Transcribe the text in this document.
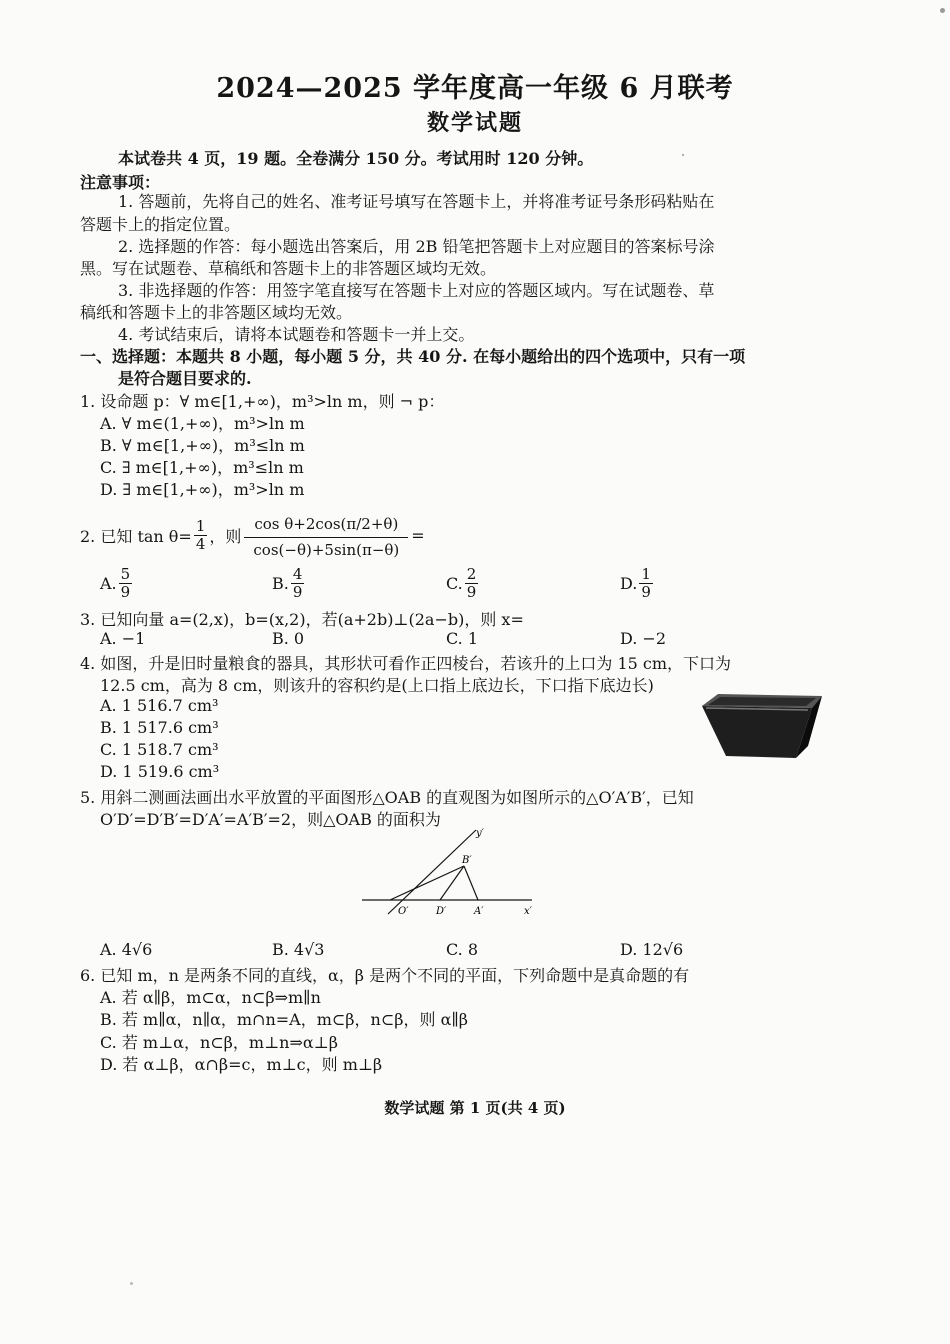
2024—2025 学年度高一年级 6 月联考
数学试题
本试卷共 4 页，19 题。全卷满分 150 分。考试用时 120 分钟。
注意事项：
1. 答题前，先将自己的姓名、准考证号填写在答题卡上，并将准考证号条形码粘贴在
答题卡上的指定位置。
2. 选择题的作答：每小题选出答案后，用 2B 铅笔把答题卡上对应题目的答案标号涂
黑。写在试题卷、草稿纸和答题卡上的非答题区域均无效。
3. 非选择题的作答：用签字笔直接写在答题卡上对应的答题区域内。写在试题卷、草
稿纸和答题卡上的非答题区域均无效。
4. 考试结束后，请将本试题卷和答题卡一并上交。
一、选择题：本题共 8 小题，每小题 5 分，共 40 分. 在每小题给出的四个选项中，只有一项
是符合题目要求的.
1. 设命题 p：∀ m∈[1,+∞)，m³>ln m，则 ¬ p：
A. ∀ m∈(1,+∞)，m³>ln m
B. ∀ m∈[1,+∞)，m³≤ln m
C. ∃ m∈[1,+∞)，m³≤ln m
D. ∃ m∈[1,+∞)，m³>ln m
2. 已知 $\tan \theta= \frac{1}{4}$ ，则 $\frac{\text{cos θ+2cos(π/2+θ)}}{\cos(-\theta)+5\sin(\pi-\theta)}$ =
A. $\frac{5}{9}$	B. $\frac{4}{9}$	C. $\frac{2}{9}$	D. $\frac{1}{9}$
3. 已知向量 a=(2,x)，b=(x,2)，若(a+2b)⊥(2a−b)，则 x=
A. −1	B. 0	C. 1	D. −2
4. 如图，升是旧时量粮食的器具，其形状可看作正四棱台，若该升的上口为 15 cm，下口为
12.5 cm，高为 8 cm，则该升的容积约是(上口指上底边长，下口指下底边长)
A. 1 516.7 cm³
B. 1 517.6 cm³
C. 1 518.7 cm³
D. 1 519.6 cm³
5. 用斜二测画法画出水平放置的平面图形△OAB 的直观图为如图所示的△O′A′B′，已知
O′D′=D′B′=D′A′=A′B′=2，则△OAB 的面积为
y′
B′
O′	D′	A′	x′
A. 4√6	B. 4√3	C. 8	D. 12√6
6. 已知 m，n 是两条不同的直线，α，β 是两个不同的平面，下列命题中是真命题的有
A. 若 α∥β，m⊂α，n⊂β⇒m∥n
B. 若 m∥α，n∥α，m∩n=A，m⊂β，n⊂β，则 α∥β
C. 若 m⊥α，n⊂β，m⊥n⇒α⊥β
D. 若 α⊥β，α∩β=c，m⊥c，则 m⊥β
数学试题 第 1 页(共 4 页)
